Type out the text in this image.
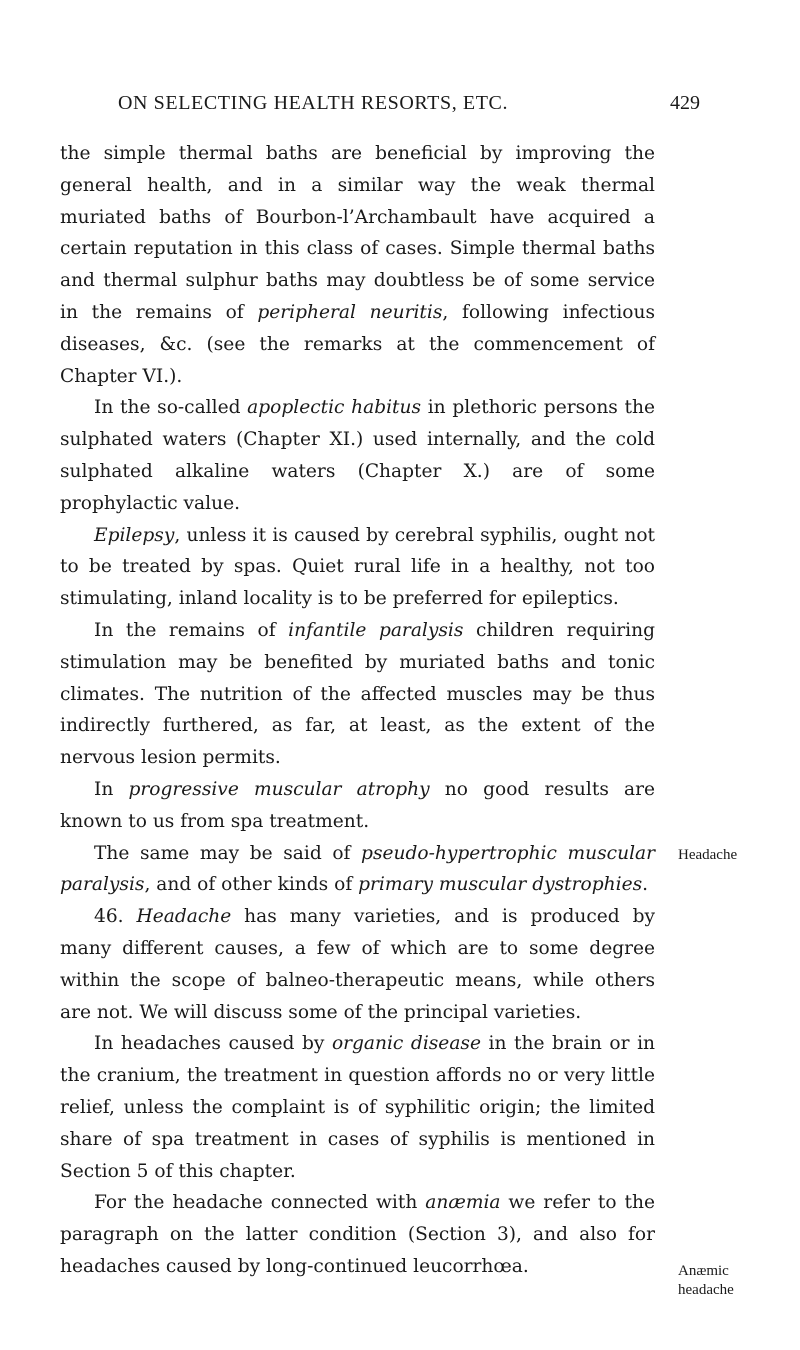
ON SELECTING HEALTH RESORTS, ETC.	429

the simple thermal baths are beneficial by improving the general health, and in a similar way the weak thermal muriated baths of Bourbon-l’Archambault have acquired a certain reputation in this class of cases. Simple thermal baths and thermal sulphur baths may doubtless be of some service in the remains of peripheral neuritis, following infectious diseases, &c. (see the remarks at the commencement of Chapter VI.).

In the so-called apoplectic habitus in plethoric persons the sulphated waters (Chapter XI.) used internally, and the cold sulphated alkaline waters (Chapter X.) are of some prophylactic value.

Epilepsy, unless it is caused by cerebral syphilis, ought not to be treated by spas. Quiet rural life in a healthy, not too stimulating, inland locality is to be preferred for epileptics.

In the remains of infantile paralysis children requiring stimulation may be benefited by muriated baths and tonic climates. The nutrition of the affected muscles may be thus indirectly furthered, as far, at least, as the extent of the nervous lesion permits.

In progressive muscular atrophy no good results are known to us from spa treatment.

The same may be said of pseudo-hypertrophic muscular paralysis, and of other kinds of primary muscular dystrophies.

46. Headache has many varieties, and is produced by many different causes, a few of which are to some degree within the scope of balneo-therapeutic means, while others are not. We will discuss some of the principal varieties.

In headaches caused by organic disease in the brain or in the cranium, the treatment in question affords no or very little relief, unless the complaint is of syphilitic origin; the limited share of spa treatment in cases of syphilis is mentioned in Section 5 of this chapter.

For the headache connected with anæmia we refer to the paragraph on the latter condition (Section 3), and also for headaches caused by long-continued leucorrhœa.

Headache
Anæmic
headache
